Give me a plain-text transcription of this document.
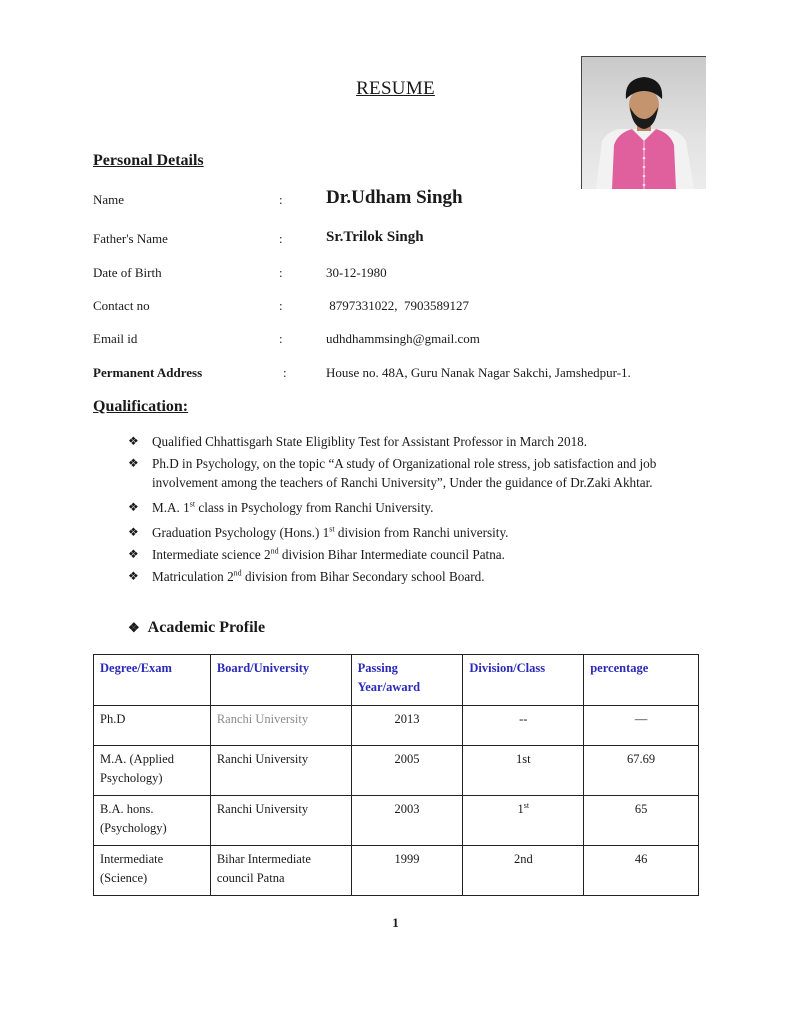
RESUME
Personal Details
Name	: Dr.Udham Singh
Father's Name	:	Sr.Trilok Singh
Date of Birth	:	30-12-1980
Contact no	:	8797331022,  7903589127
Email id	:	udhdhammsingh@gmail.com
Permanent Address	:	House no. 48A, Guru Nanak Nagar Sakchi, Jamshedpur-1.
Qualification:
❖ Qualified Chhattisgarh State Eligiblity Test for Assistant Professor in March 2018.
❖ Ph.D in Psychology, on the topic “A study of Organizational role stress, job satisfaction and job involvement among the teachers of Ranchi University”, Under the guidance of Dr.Zaki Akhtar.
❖ M.A. 1st class in Psychology from Ranchi University.
❖ Graduation Psychology (Hons.) 1st division from Ranchi university.
❖ Intermediate science 2nd division Bihar Intermediate council Patna.
❖ Matriculation 2nd division from Bihar Secondary school Board.
❖ Academic Profile
Degree/Exam	Board/University	Passing Year/award	Division/Class	percentage
Ph.D	Ranchi University	2013	--	—
M.A. (Applied Psychology)	Ranchi University	2005	1st	67.69
B.A. hons.(Psychology)	Ranchi University	2003	1st	65
Intermediate (Science)	Bihar Intermediate council Patna	1999	2nd	46
1
